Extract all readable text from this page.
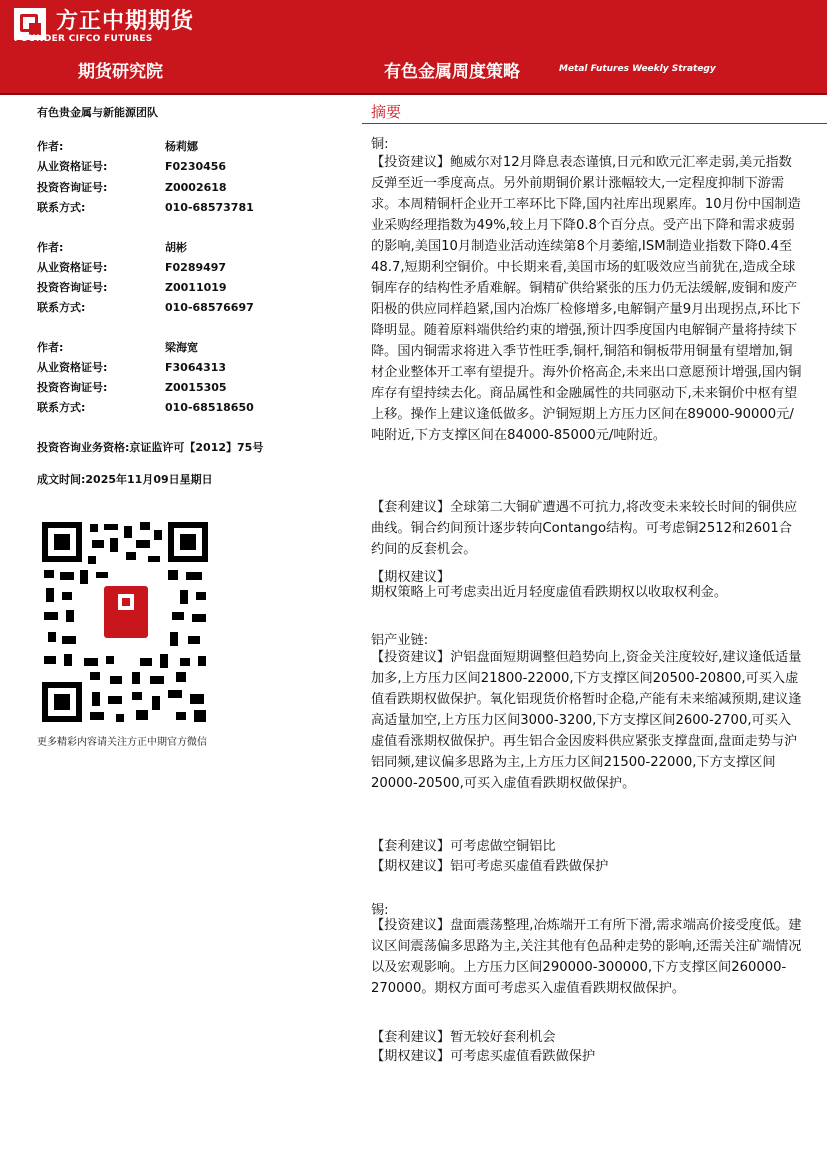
方正中期期货
FOUNDER CIFCO FUTURES
期货研究院	有色金属周度策略	Metal Futures Weekly Strategy
有色贵金属与新能源团队
作者:	杨莉娜
从业资格证号:	F0230456
投资咨询证号:	Z0002618
联系方式:	010-68573781
作者:	胡彬
从业资格证号:	F0289497
投资咨询证号:	Z0011019
联系方式:	010-68576697
作者:	梁海宽
从业资格证号:	F3064313
投资咨询证号:	Z0015305
联系方式:	010-68518650
投资咨询业务资格:京证监许可【2012】75号
成文时间:2025年11月09日星期日
更多精彩内容请关注方正中期官方微信
摘要
铜:

【投资建议】鲍威尔对12月降息表态谨慎,日元和欧元汇率走弱,美元指数反弹至近一季度高点。另外前期铜价累计涨幅较大,一定程度抑制下游需求。本周精铜杆企业开工率环比下降,国内社库出现累库。10月份中国制造业采购经理指数为49%,较上月下降0.8个百分点。受产出下降和需求疲弱的影响,美国10月制造业活动连续第8个月萎缩,ISM制造业指数下降0.4至48.7,短期利空铜价。中长期来看,美国市场的虹吸效应当前犹在,造成全球铜库存的结构性矛盾难解。铜精矿供给紧张的压力仍无法缓解,废铜和废产阳极的供应同样趋紧,国内冶炼厂检修增多,电解铜产量9月出现拐点,环比下降明显。随着原料端供给约束的增强,预计四季度国内电解铜产量将持续下降。国内铜需求将进入季节性旺季,铜杆,铜箔和铜板带用铜量有望增加,铜材企业整体开工率有望提升。海外价格高企,未来出口意愿预计增强,国内铜库存有望持续去化。商品属性和金融属性的共同驱动下,未来铜价中枢有望上移。操作上建议逢低做多。沪铜短期上方压力区间在89000-90000元/吨附近,下方支撑区间在84000-85000元/吨附近。

【套利建议】全球第二大铜矿遭遇不可抗力,将改变未来较长时间的铜供应曲线。铜合约间预计逐步转向Contango结构。可考虑铜2512和2601合约间的反套机会。

【期权建议】

期权策略上可考虑卖出近月轻度虚值看跌期权以收取权利金。

铝产业链:

【投资建议】沪铝盘面短期调整但趋势向上,资金关注度较好,建议逢低适量加多,上方压力区间21800-22000,下方支撑区间20500-20800,可买入虚值看跌期权做保护。氧化铝现货价格暂时企稳,产能有未来缩减预期,建议逢高适量加空,上方压力区间3000-3200,下方支撑区间2600-2700,可买入虚值看涨期权做保护。再生铝合金因废料供应紧张支撑盘面,盘面走势与沪铝同频,建议偏多思路为主,上方压力区间21500-22000,下方支撑区间20000-20500,可买入虚值看跌期权做保护。

【套利建议】可考虑做空铜铝比
【期权建议】铝可考虑买虚值看跌做保护
锡:

【投资建议】盘面震荡整理,冶炼端开工有所下滑,需求端高价接受度低。建议区间震荡偏多思路为主,关注其他有色品种走势的影响,还需关注矿端情况以及宏观影响。上方压力区间290000-300000,下方支撑区间260000-270000。期权方面可考虑买入虚值看跌期权做保护。

【套利建议】暂无较好套利机会
【期权建议】可考虑买虚值看跌做保护
